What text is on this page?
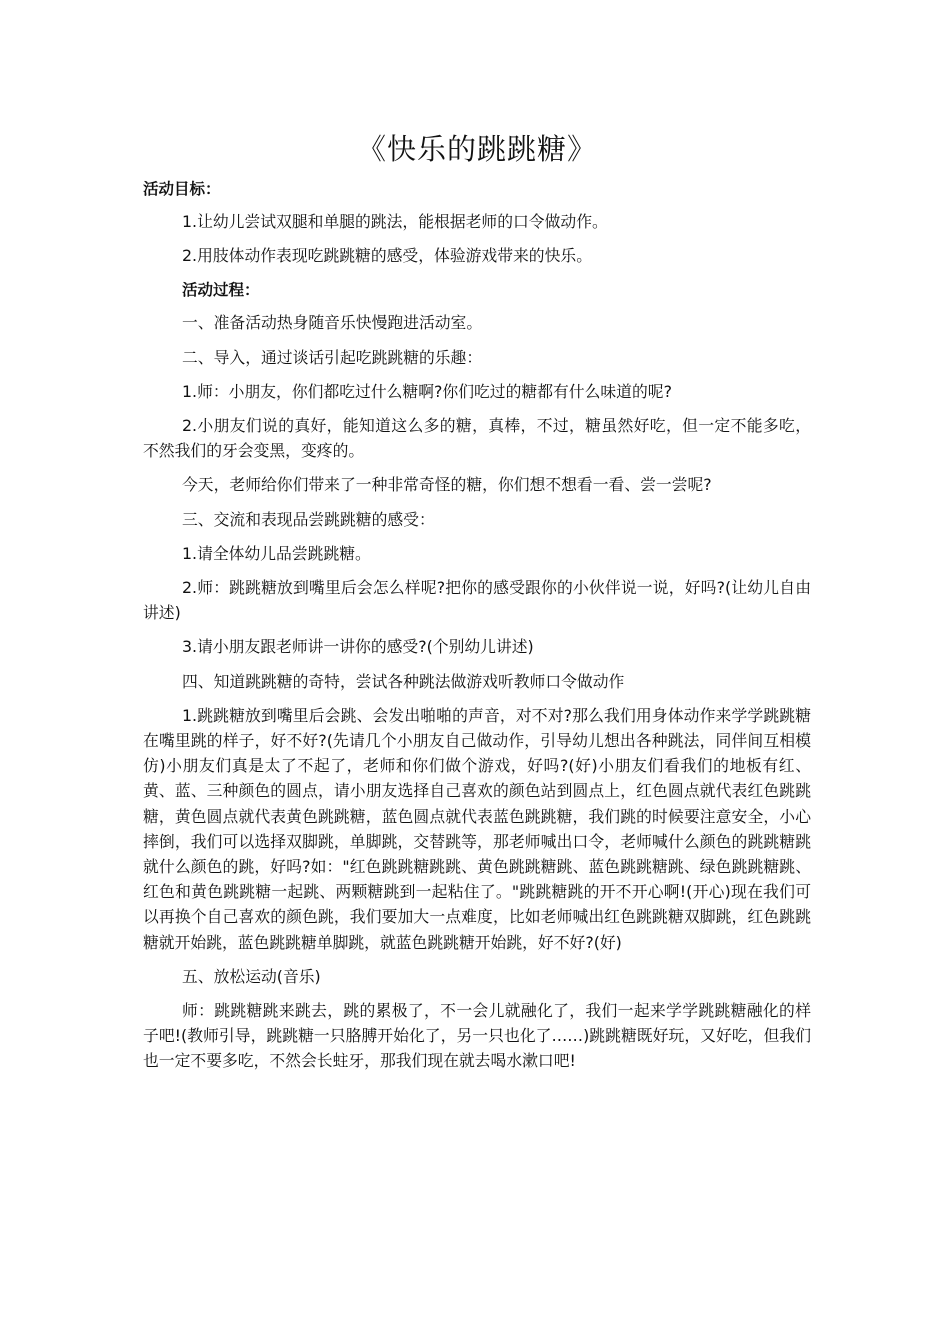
《快乐的跳跳糖》
活动目标：

1.让幼儿尝试双腿和单腿的跳法，能根据老师的口令做动作。

2.用肢体动作表现吃跳跳糖的感受，体验游戏带来的快乐。

活动过程：

一、准备活动热身随音乐快慢跑进活动室。

二、导入，通过谈话引起吃跳跳糖的乐趣：

1.师：小朋友，你们都吃过什么糖啊?你们吃过的糖都有什么味道的呢?

2.小朋友们说的真好，能知道这么多的糖，真棒，不过，糖虽然好吃，但一定不能多吃，不然我们的牙会变黑，变疼的。

今天，老师给你们带来了一种非常奇怪的糖，你们想不想看一看、尝一尝呢?

三、交流和表现品尝跳跳糖的感受：

1.请全体幼儿品尝跳跳糖。

2.师：跳跳糖放到嘴里后会怎么样呢?把你的感受跟你的小伙伴说一说，好吗?(让幼儿自由讲述)

3.请小朋友跟老师讲一讲你的感受?(个别幼儿讲述)

四、知道跳跳糖的奇特，尝试各种跳法做游戏听教师口令做动作

1.跳跳糖放到嘴里后会跳、会发出啪啪的声音，对不对?那么我们用身体动作来学学跳跳糖在嘴里跳的样子，好不好?(先请几个小朋友自己做动作，引导幼儿想出各种跳法，同伴间互相模仿)小朋友们真是太了不起了，老师和你们做个游戏，好吗?(好)小朋友们看我们的地板有红、黄、蓝、三种颜色的圆点，请小朋友选择自己喜欢的颜色站到圆点上，红色圆点就代表红色跳跳糖，黄色圆点就代表黄色跳跳糖，蓝色圆点就代表蓝色跳跳糖，我们跳的时候要注意安全，小心摔倒，我们可以选择双脚跳，单脚跳，交替跳等，那老师喊出口令，老师喊什么颜色的跳跳糖跳就什么颜色的跳，好吗?如："红色跳跳糖跳跳、黄色跳跳糖跳、蓝色跳跳糖跳、绿色跳跳糖跳、红色和黄色跳跳糖一起跳、两颗糖跳到一起粘住了。"跳跳糖跳的开不开心啊!(开心)现在我们可以再换个自己喜欢的颜色跳，我们要加大一点难度，比如老师喊出红色跳跳糖双脚跳，红色跳跳糖就开始跳，蓝色跳跳糖单脚跳，就蓝色跳跳糖开始跳，好不好?(好)

五、放松运动(音乐)

师：跳跳糖跳来跳去，跳的累极了，不一会儿就融化了，我们一起来学学跳跳糖融化的样子吧!(教师引导，跳跳糖一只胳膊开始化了，另一只也化了……)跳跳糖既好玩，又好吃，但我们也一定不要多吃，不然会长蛀牙，那我们现在就去喝水漱口吧!
